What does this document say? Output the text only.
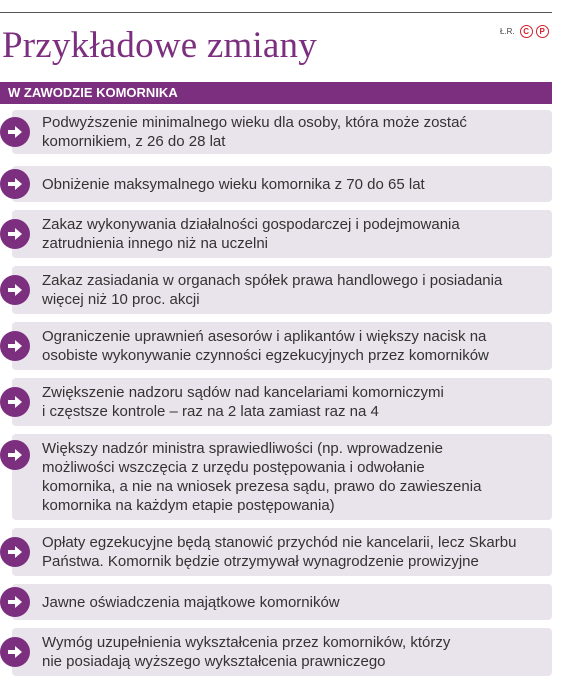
Przykładowe zmiany	Ł.R.	C	P
W ZAWODZIE KOMORNIKA
Podwyższenie minimalnego wieku dla osoby, która może zostać
komornikiem, z 26 do 28 lat
Obniżenie maksymalnego wieku komornika z 70 do 65 lat
Zakaz wykonywania działalności gospodarczej i podejmowania
zatrudnienia innego niż na uczelni
Zakaz zasiadania w organach spółek prawa handlowego i posiadania
więcej niż 10 proc. akcji
Ograniczenie uprawnień asesorów i aplikantów i większy nacisk na
osobiste wykonywanie czynności egzekucyjnych przez komorników
Zwiększenie nadzoru sądów nad kancelariami komorniczymi
i częstsze kontrole – raz na 2 lata zamiast raz na 4
Większy nadzór ministra sprawiedliwości (np. wprowadzenie
możliwości wszczęcia z urzędu postępowania i odwołanie
komornika, a nie na wniosek prezesa sądu, prawo do zawieszenia
komornika na każdym etapie postępowania)
Opłaty egzekucyjne będą stanowić przychód nie kancelarii, lecz Skarbu
Państwa. Komornik będzie otrzymywał wynagrodzenie prowizyjne
Jawne oświadczenia majątkowe komorników
Wymóg uzupełnienia wykształcenia przez komorników, którzy
nie posiadają wyższego wykształcenia prawniczego
